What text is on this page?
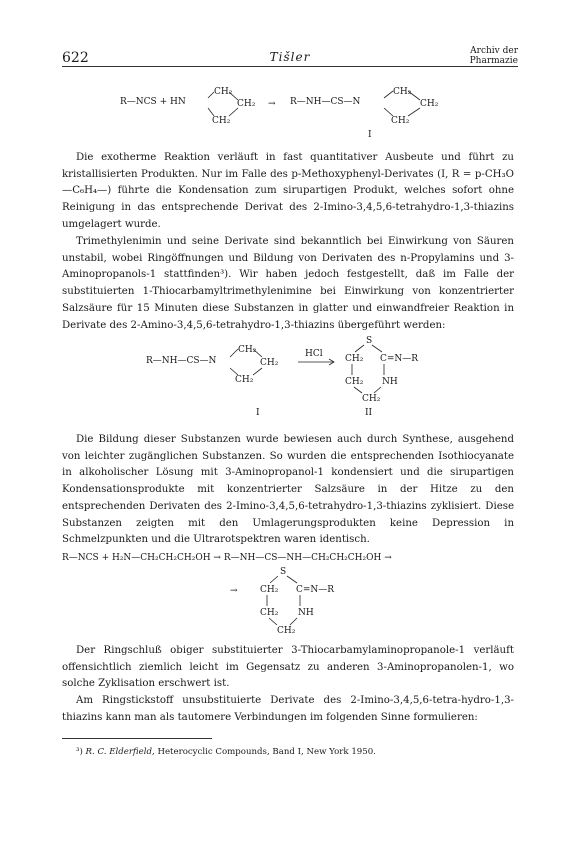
622	Tišler	Archiv der
Pharmazie
R—NCS + HN
CH₂
CH₂
CH₂
→ R—NH—CS—N
CH₂
CH₂
CH₂
I
R—NH—CS—N
CH₂
CH₂
CH₂
HCl
S
CH₂ C=N—R
CH₂ NH
CH₂
I	II
R—NCS + H₂N—CH₂CH₂CH₂OH → R—NH—CS—NH—CH₂CH₂CH₂OH →
→
S
CH₂ C=N—R
CH₂ NH
CH₂

Die exotherme Reaktion verläuft in fast quantitativer Ausbeute und führt zu kristallisierten Produkten. Nur im Falle des p-Methoxyphenyl-Derivates (I, R = p-CH₃O—C₆H₄—) führte die Kondensation zum sirupartigen Produkt, welches sofort ohne Reinigung in das entsprechende Derivat des 2-Imino-3,4,5,6-tetrahydro-1,3-thiazins umgelagert wurde.

Trimethylenimin und seine Derivate sind bekanntlich bei Einwirkung von Säuren unstabil, wobei Ringöffnungen und Bildung von Derivaten des n-Propylamins und 3-Aminopropanols-1 stattfinden³). Wir haben jedoch festgestellt, daß im Falle der substituierten 1-Thiocarbamyltrimethylenimine bei Einwirkung von konzentrierter Salzsäure für 15 Minuten diese Substanzen in glatter und einwandfreier Reaktion in Derivate des 2-Amino-3,4,5,6-tetrahydro-1,3-thiazins übergeführt werden:

Die Bildung dieser Substanzen wurde bewiesen auch durch Synthese, ausgehend von leichter zugänglichen Substanzen. So wurden die entsprechenden Isothiocyanate in alkoholischer Lösung mit 3-Aminopropanol-1 kondensiert und die sirupartigen Kondensationsprodukte mit konzentrierter Salzsäure in der Hitze zu den entsprechenden Derivaten des 2-Imino-3,4,5,6-tetrahydro-1,3-thiazins zyklisiert. Diese Substanzen zeigten mit den Umlagerungsprodukten keine Depression in Schmelzpunkten und die Ultrarotspektren waren identisch.

Der Ringschluß obiger substituierter 3-Thiocarbamylaminopropanole-1 verläuft offensichtlich ziemlich leicht im Gegensatz zu anderen 3-Aminopropanolen-1, wo solche Zyklisation erschwert ist.

Am Ringstickstoff unsubstituierte Derivate des 2-Imino-3,4,5,6-tetra-hydro-1,3-thiazins kann man als tautomere Verbindungen im folgenden Sinne formulieren:

³) R. C. Elderfield, Heterocyclic Compounds, Band I, New York 1950.
